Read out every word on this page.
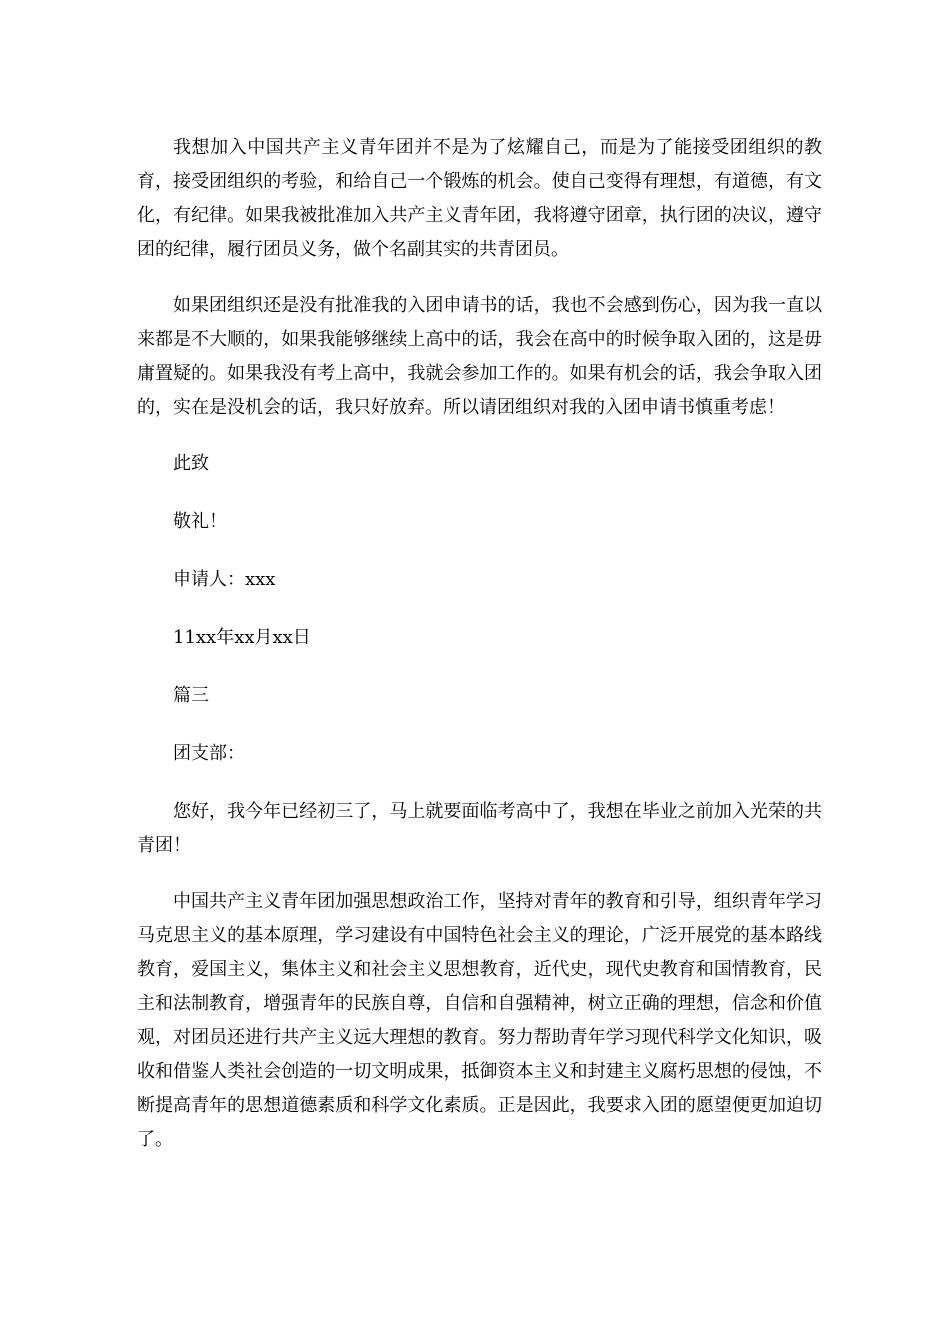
我想加入中国共产主义青年团并不是为了炫耀自己，而是为了能接受团组织的教育，接受团组织的考验，和给自己一个锻炼的机会。使自己变得有理想，有道德，有文化，有纪律。如果我被批准加入共产主义青年团，我将遵守团章，执行团的决议，遵守团的纪律，履行团员义务，做个名副其实的共青团员。

如果团组织还是没有批准我的入团申请书的话，我也不会感到伤心，因为我一直以来都是不大顺的，如果我能够继续上高中的话，我会在高中的时候争取入团的，这是毋庸置疑的。如果我没有考上高中，我就会参加工作的。如果有机会的话，我会争取入团的，实在是没机会的话，我只好放弃。所以请团组织对我的入团申请书慎重考虑！

此致

敬礼！

申请人：xxx

11xx年xx月xx日

篇三

团支部：

您好，我今年已经初三了，马上就要面临考高中了，我想在毕业之前加入光荣的共青团！

中国共产主义青年团加强思想政治工作，坚持对青年的教育和引导，组织青年学习马克思主义的基本原理，学习建设有中国特色社会主义的理论，广泛开展党的基本路线教育，爱国主义，集体主义和社会主义思想教育，近代史，现代史教育和国情教育，民主和法制教育，增强青年的民族自尊，自信和自强精神，树立正确的理想，信念和价值观，对团员还进行共产主义远大理想的教育。努力帮助青年学习现代科学文化知识，吸收和借鉴人类社会创造的一切文明成果，抵御资本主义和封建主义腐朽思想的侵蚀，不断提高青年的思想道德素质和科学文化素质。正是因此，我要求入团的愿望便更加迫切了。
